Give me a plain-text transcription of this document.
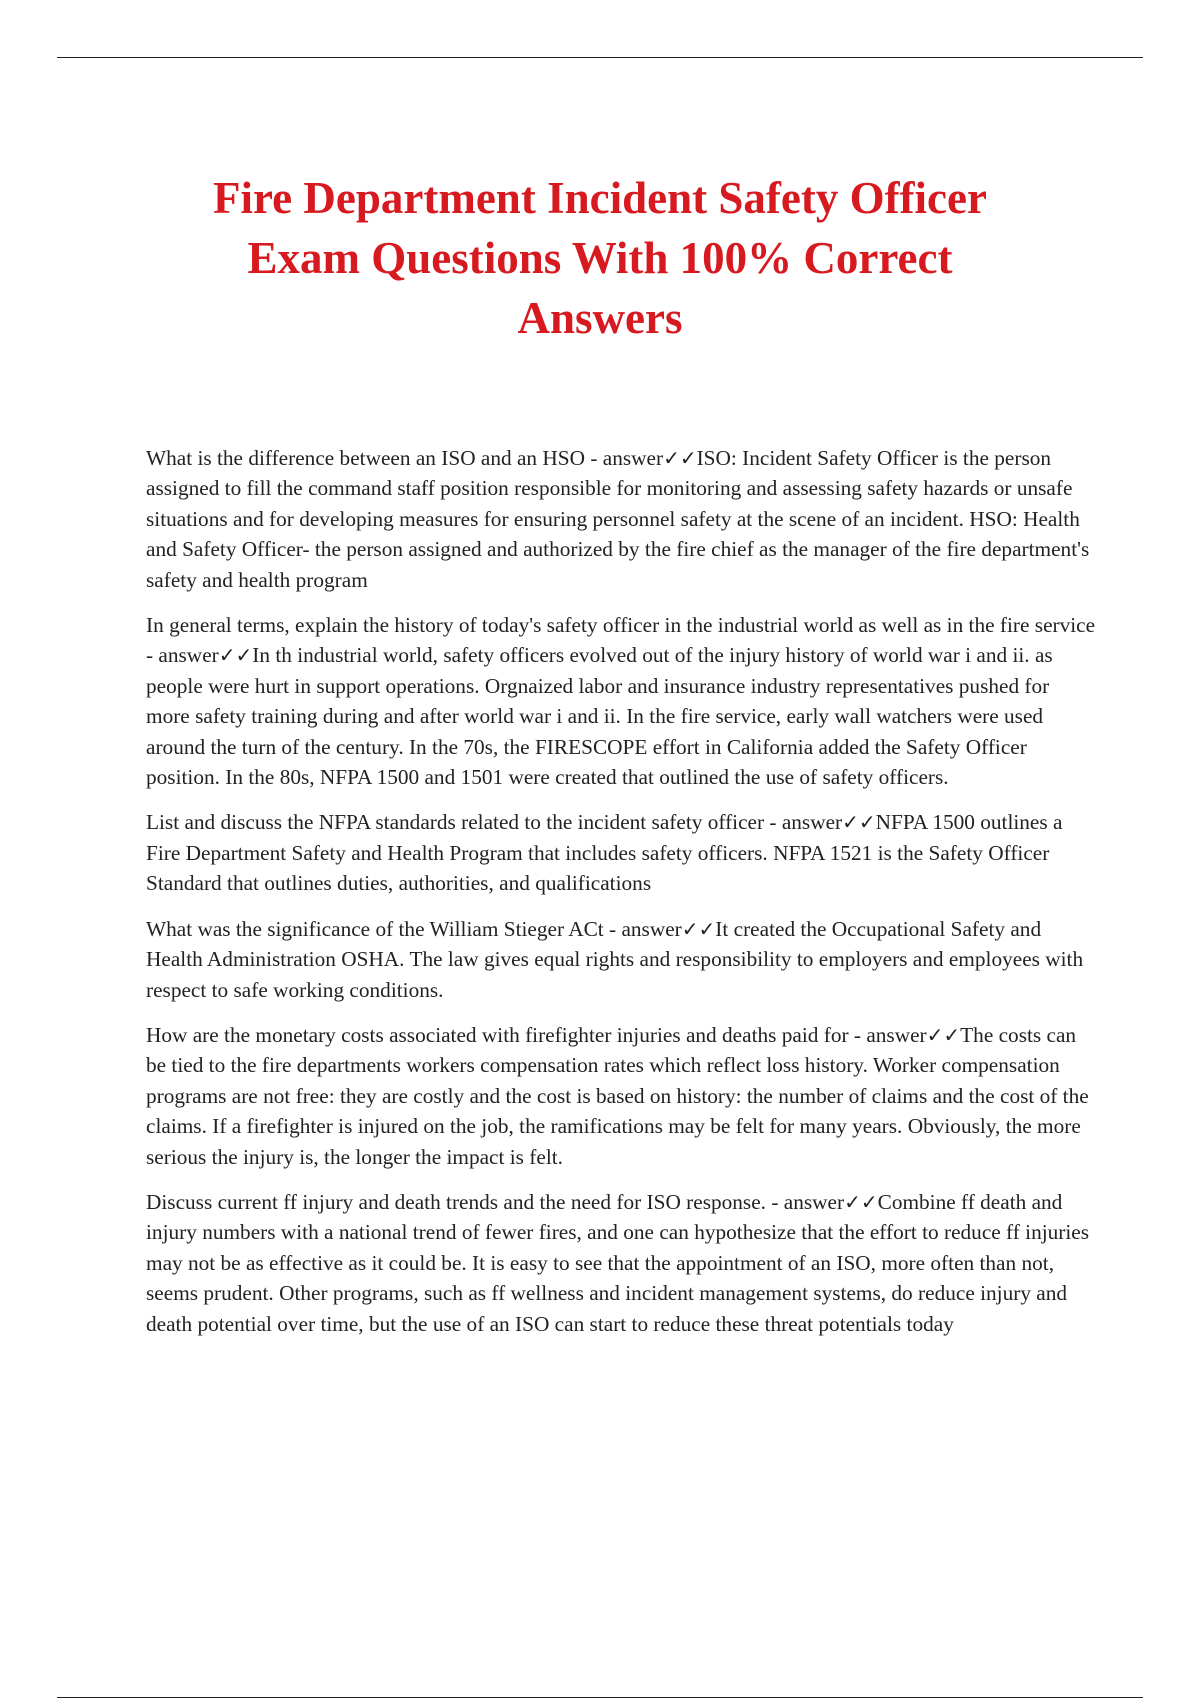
Fire Department Incident Safety Officer
Exam Questions With 100% Correct
Answers

What is the difference between an ISO and an HSO - answer✓✓ISO: Incident Safety Officer is the person assigned to fill the command staff position responsible for monitoring and assessing safety hazards or unsafe situations and for developing measures for ensuring personnel safety at the scene of an incident. HSO: Health and Safety Officer- the person assigned and authorized by the fire chief as the manager of the fire department's safety and health program

In general terms, explain the history of today's safety officer in the industrial world as well as in the fire service - answer✓✓In th industrial world, safety officers evolved out of the injury history of world war i and ii. as people were hurt in support operations. Orgnaized labor and insurance industry representatives pushed for more safety training during and after world war i and ii. In the fire service, early wall watchers were used around the turn of the century. In the 70s, the FIRESCOPE effort in California added the Safety Officer position. In the 80s, NFPA 1500 and 1501 were created that outlined the use of safety officers.

List and discuss the NFPA standards related to the incident safety officer - answer✓✓NFPA 1500 outlines a Fire Department Safety and Health Program that includes safety officers. NFPA 1521 is the Safety Officer Standard that outlines duties, authorities, and qualifications

What was the significance of the William Stieger ACt - answer✓✓It created the Occupational Safety and Health Administration OSHA. The law gives equal rights and responsibility to employers and employees with respect to safe working conditions.

How are the monetary costs associated with firefighter injuries and deaths paid for - answer✓✓The costs can be tied to the fire departments workers compensation rates which reflect loss history. Worker compensation programs are not free: they are costly and the cost is based on history: the number of claims and the cost of the claims. If a firefighter is injured on the job, the ramifications may be felt for many years. Obviously, the more serious the injury is, the longer the impact is felt.

Discuss current ff injury and death trends and the need for ISO response. - answer✓✓Combine ff death and injury numbers with a national trend of fewer fires, and one can hypothesize that the effort to reduce ff injuries may not be as effective as it could be. It is easy to see that the appointment of an ISO, more often than not, seems prudent. Other programs, such as ff wellness and incident management systems, do reduce injury and death potential over time, but the use of an ISO can start to reduce these threat potentials today
